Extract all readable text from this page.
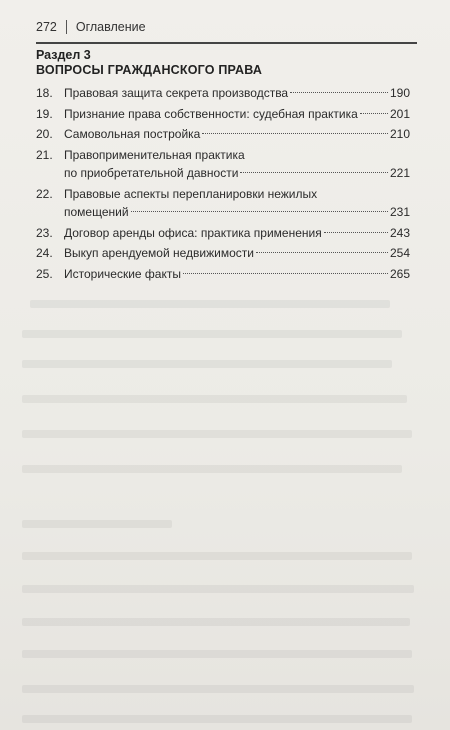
272 Оглавление
Раздел 3
ВОПРОСЫ ГРАЖДАНСКОГО ПРАВА
18. Правовая защита секрета производства	190
19. Признание права собственности: судебная практика	201
20. Самовольная постройка	210
21. Правоприменительная практика
по приобретательной давности	221
22. Правовые аспекты перепланировки нежилых
помещений	231
23. Договор аренды офиса: практика применения	243
24. Выкуп арендуемой недвижимости	254
25. Исторические факты	265
